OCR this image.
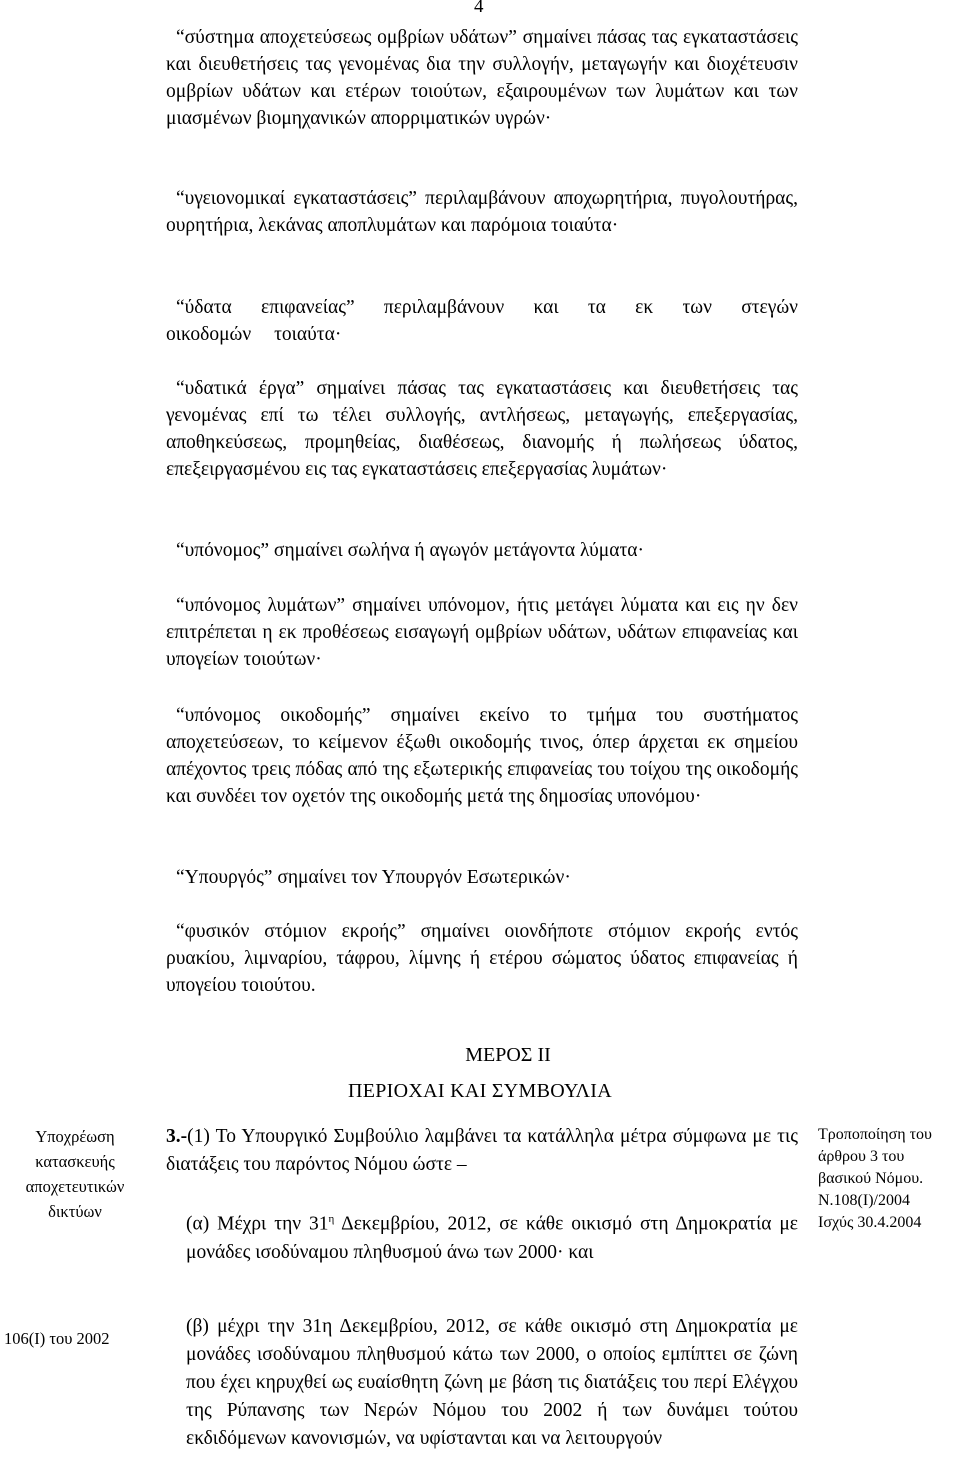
4

“σύστημα αποχετεύσεως ομβρίων υδάτων” σημαίνει πάσας τας εγκαταστάσεις και διευθετήσεις τας γενομένας δια την συλλογήν, μεταγωγήν και διοχέτευσιν ομβρίων υδάτων και ετέρων τοιούτων, εξαιρουμένων των λυμάτων και των μιασμένων βιομηχανικών απορριματικών υγρών·

“υγειονομικαί εγκαταστάσεις” περιλαμβάνουν αποχωρητήρια, πυγολουτήρας, ουρητήρια, λεκάνας αποπλυμάτων και παρόμοια τοιαύτα·

“ύδατα επιφανείας” περιλαμβάνουν και τα εκ των στεγών οικοδομών τοιαύτα·

“υδατικά έργα” σημαίνει πάσας τας εγκαταστάσεις και διευθετήσεις τας γενομένας επί τω τέλει συλλογής, αντλήσεως, μεταγωγής, επεξεργασίας, αποθηκεύσεως, προμηθείας, διαθέσεως, διανομής ή πωλήσεως ύδατος, επεξειργασμένου εις τας εγκαταστάσεις επεξεργασίας λυμάτων·

“υπόνομος” σημαίνει σωλήνα ή αγωγόν μετάγοντα λύματα·

“υπόνομος λυμάτων” σημαίνει υπόνομον, ήτις μετάγει λύματα και εις ην δεν επιτρέπεται η εκ προθέσεως εισαγωγή ομβρίων υδάτων, υδάτων επιφανείας και υπογείων τοιούτων·

“υπόνομος οικοδομής” σημαίνει εκείνο το τμήμα του συστήματος αποχετεύσεων, το κείμενον έξωθι οικοδομής τινος, όπερ άρχεται εκ σημείου απέχοντος τρεις πόδας από της εξωτερικής επιφανείας του τοίχου της οικοδομής και συνδέει τον οχετόν της οικοδομής μετά της δημοσίας υπονόμου·

“Υπουργός” σημαίνει τον Υπουργόν Εσωτερικών·

“φυσικόν στόμιον εκροής” σημαίνει οιονδήποτε στόμιον εκροής εντός ρυακίου, λιμναρίου, τάφρου, λίμνης ή ετέρου σώματος ύδατος επιφανείας ή υπογείου τοιούτου.

ΜΕΡΟΣ ΙΙ
ΠΕΡΙΟΧΑΙ ΚΑΙ ΣΥΜΒΟΥΛΙΑ
Υποχρέωση κατασκευής αποχετευτικών δικτύων
106(Ι) του 2002
Τροποποίηση του άρθρου 3 του βασικού Νόμου.
Ν.108(Ι)/2004
Ισχύς 30.4.2004

3.-(1) Το Υπουργικό Συμβούλιο λαμβάνει τα κατάλληλα μέτρα σύμφωνα με τις διατάξεις του παρόντος Νόμου ώστε –

(α) Μέχρι την $31^\eta$ Δεκεμβρίου, 2012, σε κάθε οικισμό στη Δημοκρατία με μονάδες ισοδύναμου πληθυσμού άνω των 2000· και

(β) μέχρι την 31η Δεκεμβρίου, 2012, σε κάθε οικισμό στη Δημοκρατία με μονάδες ισοδύναμου πληθυσμού κάτω των 2000, ο οποίος εμπίπτει σε ζώνη που έχει κηρυχθεί ως ευαίσθητη ζώνη με βάση τις διατάξεις του περί Ελέγχου της Ρύπανσης των Νερών Νόμου του 2002 ή των δυνάμει τούτου εκδιδόμενων κανονισμών, να υφίστανται και να λειτουργούν
